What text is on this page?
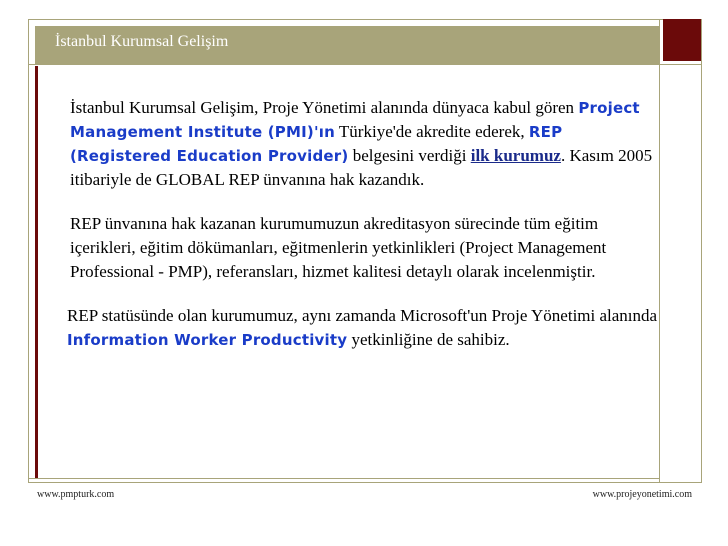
İstanbul Kurumsal Gelişim

İstanbul Kurumsal Gelişim, Proje Yönetimi alanında dünyaca kabul gören Project Management Institute (PMI)'ın Türkiye'de akredite ederek, REP (Registered Education Provider) belgesini verdiği ilk kurumuz. Kasım 2005 itibariyle de GLOBAL REP ünvanına hak kazandık.

REP ünvanına hak kazanan kurumumuzun akreditasyon sürecinde tüm eğitim içerikleri, eğitim dökümanları, eğitmenlerin yetkinlikleri (Project Management Professional - PMP), referansları, hizmet kalitesi detaylı olarak incelenmiştir.

REP statüsünde olan kurumumuz, aynı zamanda Microsoft'un Proje Yönetimi alanında Information Worker Productivity yetkinliğine de sahibiz.

www.pmpturk.com	www.projeyonetimi.com
